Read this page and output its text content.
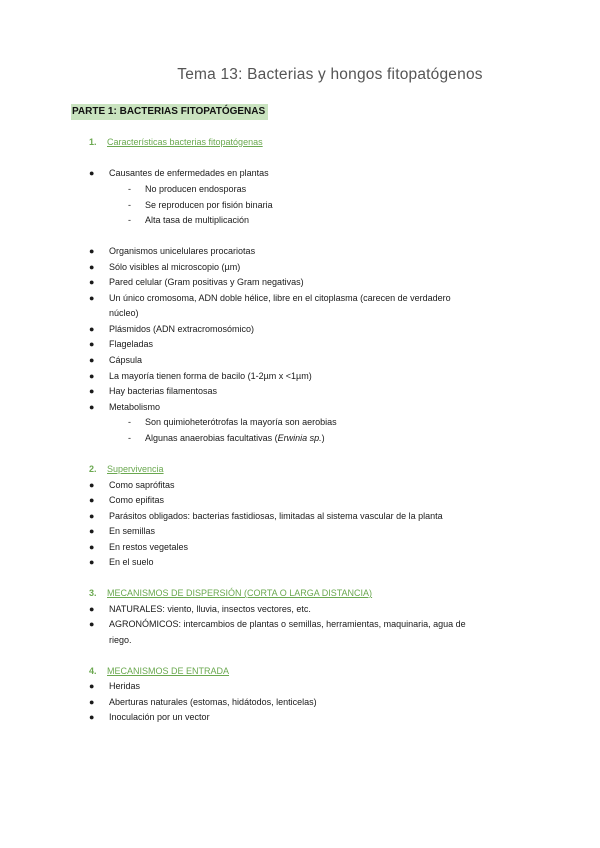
Tema 13: Bacterias y hongos fitopatógenos
PARTE 1: BACTERIAS FITOPATÓGENAS
1. Características bacterias fitopatógenas
● Causantes de enfermedades en plantas
- No producen endosporas
- Se reproducen por fisión binaria
- Alta tasa de multiplicación
● Organismos unicelulares procariotas
● Sólo visibles al microscopio (µm)
● Pared celular (Gram positivas y Gram negativas)
● Un único cromosoma, ADN doble hélice, libre en el citoplasma (carecen de verdadero
núcleo)
● Plásmidos (ADN extracromosómico)
● Flageladas
● Cápsula
● La mayoría tienen forma de bacilo (1-2µm x <1µm)
● Hay bacterias filamentosas
● Metabolismo
- Son quimioheterótrofas la mayoría son aerobias
- Algunas anaerobias facultativas (Erwinia sp.)
2. Supervivencia
● Como saprófitas
● Como epifitas
● Parásitos obligados: bacterias fastidiosas, limitadas al sistema vascular de la planta
● En semillas
● En restos vegetales
● En el suelo
3. MECANISMOS DE DISPERSIÓN (CORTA O LARGA DISTANCIA)
● NATURALES: viento, lluvia, insectos vectores, etc.
● AGRONÓMICOS: intercambios de plantas o semillas, herramientas, maquinaria, agua de
riego.
4. MECANISMOS DE ENTRADA
● Heridas
● Aberturas naturales (estomas, hidátodos, lenticelas)
● Inoculación por un vector
